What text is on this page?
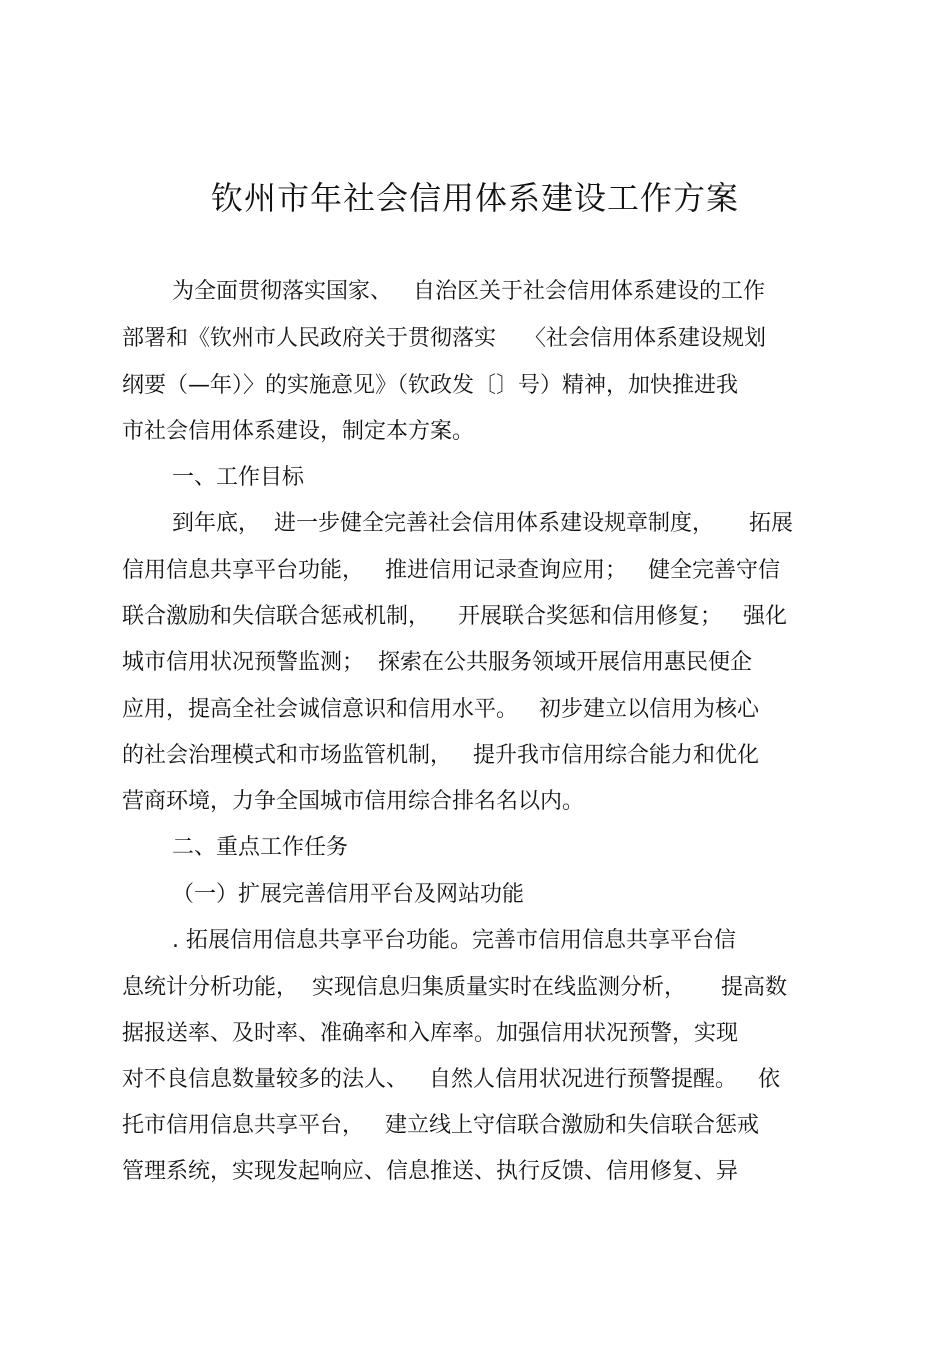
钦州市年社会信用体系建设工作方案
为全面贯彻落实国家、   自治区关于社会信用体系建设的工作
部署和《钦州市人民政府关于贯彻落实    〈社会信用体系建设规划
纲要（—年）〉的实施意见》（钦政发〔〕号）精神，加快推进我
市社会信用体系建设，制定本方案。
一、工作目标
到年底，  进一步健全完善社会信用体系建设规章制度，     拓展
信用信息共享平台功能，   推进信用记录查询应用；   健全完善守信
联合激励和失信联合惩戒机制，    开展联合奖惩和信用修复；   强化
城市信用状况预警监测；  探索在公共服务领域开展信用惠民便企
应用，提高全社会诚信意识和信用水平。   初步建立以信用为核心
的社会治理模式和市场监管机制，   提升我市信用综合能力和优化
营商环境，力争全国城市信用综合排名名以内。
二、重点工作任务
（一）扩展完善信用平台及网站功能
. 拓展信用信息共享平台功能。完善市信用信息共享平台信
息统计分析功能，  实现信息归集质量实时在线监测分析，     提高数
据报送率、及时率、准确率和入库率。加强信用状况预警，实现
对不良信息数量较多的法人、   自然人信用状况进行预警提醒。   依
托市信用信息共享平台，   建立线上守信联合激励和失信联合惩戒
管理系统，实现发起响应、信息推送、执行反馈、信用修复、异
